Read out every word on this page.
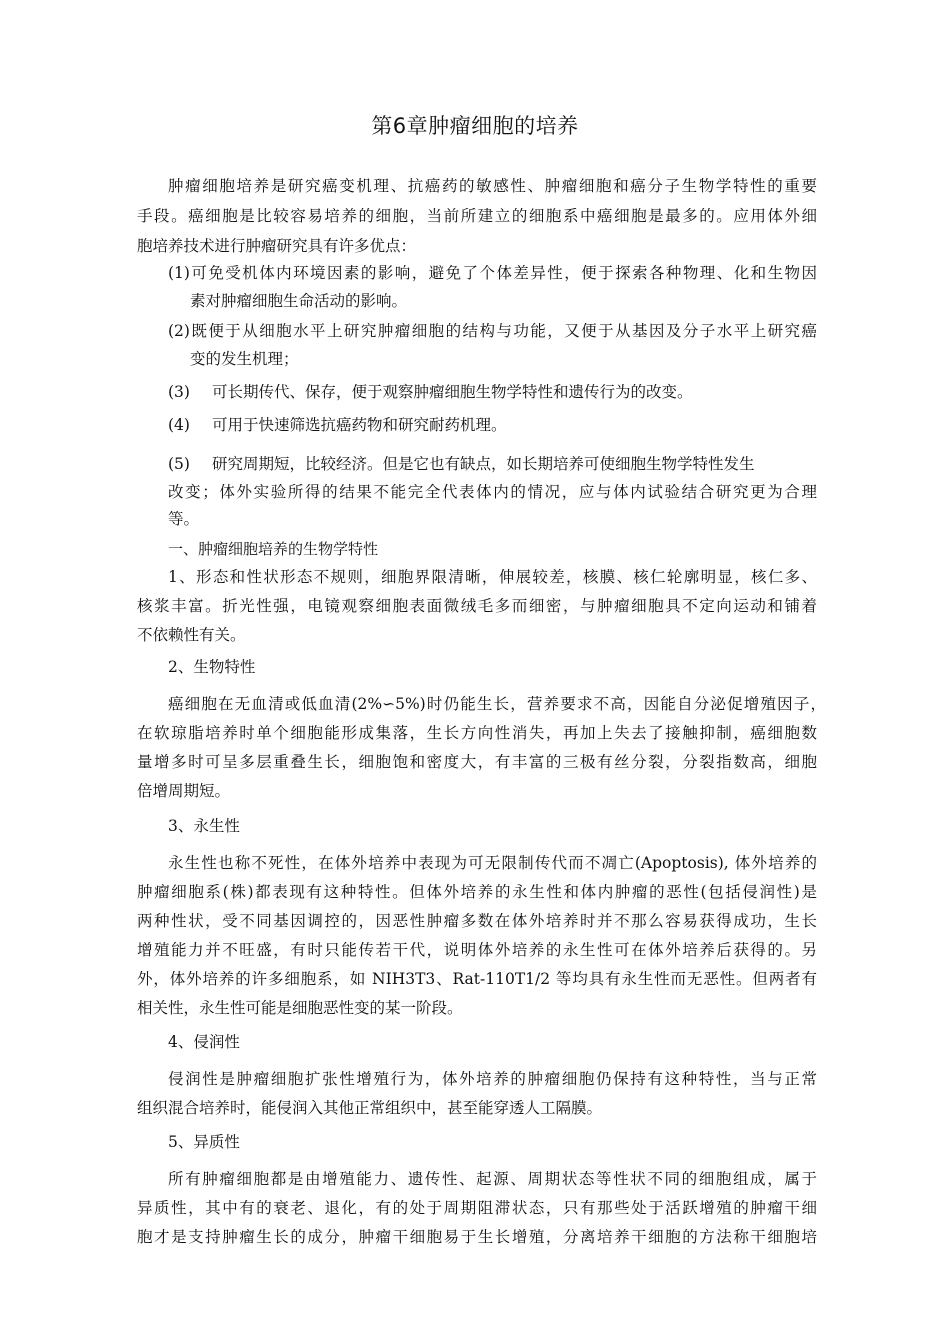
第6章肿瘤细胞的培养
肿瘤细胞培养是研究癌变机理、抗癌药的敏感性、肿瘤细胞和癌分子生物学特性的重要
手段。癌细胞是比较容易培养的细胞，当前所建立的细胞系中癌细胞是最多的。应用体外细
胞培养技术进行肿瘤研究具有许多优点：
(1)可免受机体内环境因素的影响，避免了个体差异性，便于探索各种物理、化和生物因
素对肿瘤细胞生命活动的影响。
(2)既便于从细胞水平上研究肿瘤细胞的结构与功能，又便于从基因及分子水平上研究癌
变的发生机理；
(3) 可长期传代、保存，便于观察肿瘤细胞生物学特性和遗传行为的改变。
(4) 可用于快速筛选抗癌药物和研究耐药机理。
(5) 研究周期短，比较经济。但是它也有缺点，如长期培养可使细胞生物学特性发生
改变；体外实验所得的结果不能完全代表体内的情况，应与体内试验结合研究更为合理
等。
一、肿瘤细胞培养的生物学特性
1、形态和性状形态不规则，细胞界限清晰，伸展较差，核膜、核仁轮廓明显，核仁多、
核浆丰富。折光性强，电镜观察细胞表面微绒毛多而细密，与肿瘤细胞具不定向运动和铺着
不依赖性有关。
2、生物特性
癌细胞在无血清或低血清(2%∽5%)时仍能生长，营养要求不高，因能自分泌促增殖因子，
在软琼脂培养时单个细胞能形成集落，生长方向性消失，再加上失去了接触抑制，癌细胞数
量增多时可呈多层重叠生长，细胞饱和密度大，有丰富的三极有丝分裂，分裂指数高，细胞
倍增周期短。
3、永生性
永生性也称不死性，在体外培养中表现为可无限制传代而不凋亡(Apoptosis), 体外培养的
肿瘤细胞系(株)都表现有这种特性。但体外培养的永生性和体内肿瘤的恶性(包括侵润性)是
两种性状，受不同基因调控的，因恶性肿瘤多数在体外培养时并不那么容易获得成功，生长
增殖能力并不旺盛，有时只能传若干代，说明体外培养的永生性可在体外培养后获得的。另
外，体外培养的许多细胞系，如 NIH3T3、Rat-110T1/2 等均具有永生性而无恶性。但两者有
相关性，永生性可能是细胞恶性变的某一阶段。
4、侵润性
侵润性是肿瘤细胞扩张性增殖行为，体外培养的肿瘤细胞仍保持有这种特性，当与正常
组织混合培养时，能侵润入其他正常组织中，甚至能穿透人工隔膜。
5、异质性
所有肿瘤细胞都是由增殖能力、遗传性、起源、周期状态等性状不同的细胞组成，属于
异质性，其中有的衰老、退化，有的处于周期阻滞状态，只有那些处于活跃增殖的肿瘤干细
胞才是支持肿瘤生长的成分，肿瘤干细胞易于生长增殖，分离培养干细胞的方法称干细胞培
